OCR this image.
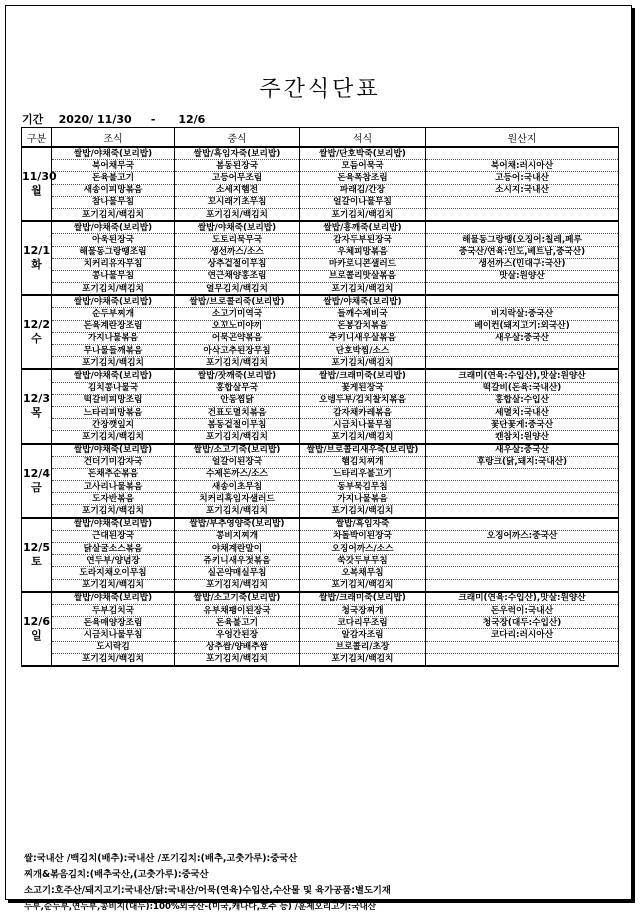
주간식단표
기간    2020/ 11/30     -      12/6
구분	조식	중식	석식	원산지

11/30
월	쌀밥/야채죽(보리밥)	쌀밥/흑임자죽(보리밥)	쌀밥/단호박죽(보리밥)	
	북어채무국	봄동된장국	모듬어묵국	북어채:러시아산
	돈육불고기	고등어무조림	돈육폭참조림	고등어:국내산
	새송이피망볶음	소세지햄전	파래김/간장	소시지:국내산
	참나물무침	꼬시래기초무침	얼갈이나물무침	
	포기김치/백김치	포기김치/백김치	포기김치/백김치	

12/1
화	쌀밥/야채죽(보리밥)	쌀밥/야채죽(보리밥)	쌀밥/흥깨죽(보리밥)	
	아욱된장국	도토리묵무국	감자두부된장국	해물동그랑땡(오징어:칠레,페루
	해물동그랑땡조림	생선까스/소스	우체피망볶음	중국산/연육:인도,베트남,중국산)
	치커리유자무침	상추겉절이무침	마카로니콘샐러드	생선까스(민대구:국산)
	콩나물무침	연근채양홍조림	브로콜리맛살볶음	맛살:원양산
	포기김치/백김치	열무김치/백김치	포기김치/백김치	

12/2
수	쌀밥/야채죽(보리밥)	쌀밥/브로콜리죽(보리밥)	쌀밥/야채죽(보리밥)	
	순두부찌개	소고기미역국	들깨수제비국	비지락살:중국산
	돈육계란장조림	오꼬노미야끼	돈봉감치볶음	베이컨(돼지고기:외국산)
	가지나물볶음	어묵곤약볶음	주키니새우살볶음	새우살:중국산
	무나물들깨볶음	아삭고추된장무침	단호박찜/소스	
	포기김치/백김치	포기김치/백김치	포기김치/백김치	

12/3
목	쌀밥/야채죽(보리밥)	쌀밥/잣깨죽(보리밥)	쌀밥/크래미죽(보리밥)	크래미(연육:수입산),맛살:원양산
	김치콩나물국	홍합살무국	꽃게된장국	떡갈비(돈육:국내산)
	떡갈비피망조림	안동찜닭	오뎅두부/김치찰치볶음	홍합살:수입산
	느타리피망볶음	건표도멸치볶음	감자채카레볶음	세멸치:국내산
	간장깻잎지	봄동겉절이무침	시금치나물무침	꽃단꽃게:중국산
	포기김치/백김치	포기김치/백김치	포기김치/백김치	캔참치:원양산

12/4
금	쌀밥/야채죽(보리밥)	쌀밥/소고기죽(보리밥)	쌀밥/브로콜리새우죽(보리밥)	새우살:중국산
	건더기미감자국	얼갈이된장국	햄김치찌개	후랑크(닭,돼지:국내산)
	돈채추순볶음	수제돈까스/소스	느타리우불고기	
	고사리나물볶음	새송이초무침	동부묵김무침	
	도자반볶음	치커리흑임자샐러드	가지나물볶음	
	포기김치/백김치	포기김치/백김치	포기김치/백김치	

12/5
토	쌀밥/야채죽(보리밥)	쌀밥/부추영양죽(보리밥)	쌀밥/흑임자죽	
	근대된장국	콩비지찌개	차돌박이된장국	오징어까스:중국산
	닭살굴소스볶음	야채계란말이	오징어까스/소스	
	연두부/양념장	쥬키니새우젓볶음	쑥갓두부무침	
	도라지채오이무침	실곤약매실무침	오복채무침	
	포기김치/백김치	포기김치/백김치	포기김치/백김치	

12/6
일	쌀밥/야채죽(보리밥)	쌀밥/소고기죽(보리밥)	쌀밥/크래미죽(보리밥)	크래미(연육:수입산),맛살:원양산
	두부김치국	유부채팽이된장국	청국장찌개	돈우럭이:국내산
	돈육매양장조림	돈육불고기	코다리무조림	청국장(대두:수입산)
	시금치나물무침	우엉간된장	알감자조림	코다리:러시아산
	도시락김	상추쌈/양배추쌈	브로콜리/초장	
	포기김치/백김치	포기김치/백김치	포기김치/백김치	
쌀:국내산 /백김치(배추):국내산 /포기김치:(배추,고춧가루):중국산
찌개&볶음김치:(배추국산,(고춧가루):중국산
소고기:호주산/돼지고기:국내산/닭:국내산/어묵(연육)수입산,수산물 및 육가공품:별도기재
두부,순두부,연두부,콩비지(대두):100%외국산-(미국,캐나다,호주 등) /훈제오리고기:국내산
